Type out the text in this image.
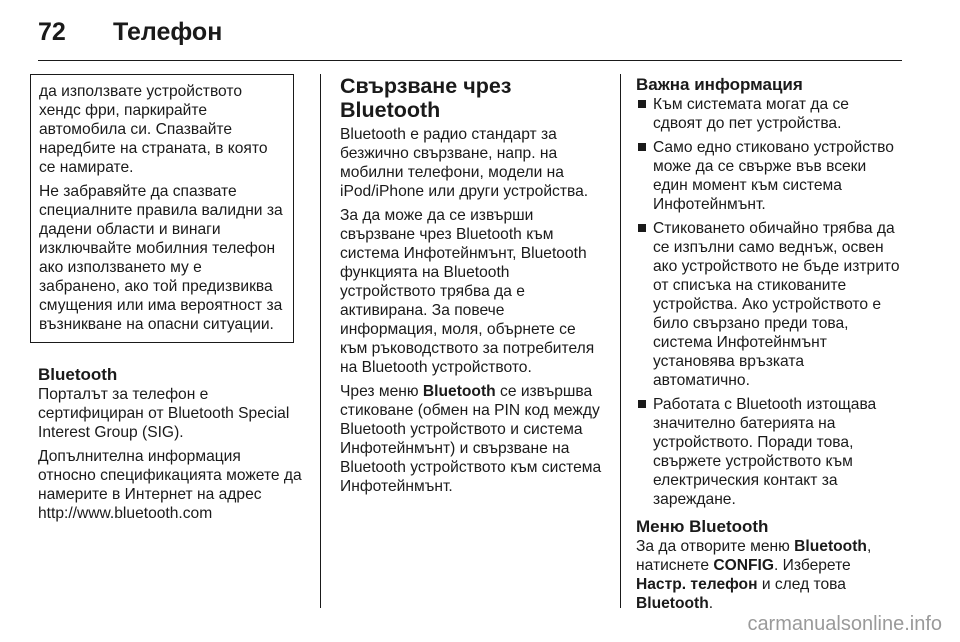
72 Телефон

да използвате устройството хендс фри, паркирайте автомобила си. Спазвайте наредбите на страната, в която се намирате.

Не забравяйте да спазвате специалните правила валидни за дадени области и винаги изключвайте мобилния телефон ако използването му е забранено, ако той предизвиква смущения или има вероятност за възникване на опасни ситуации.

Bluetooth

Порталът за телефон е сертифициран от Bluetooth Special Interest Group (SIG).

Допълнителна информация относно спецификацията можете да намерите в Интернет на адрес http://www.bluetooth.com

Свързване чрез Bluetooth

Bluetooth е радио стандарт за безжично свързване, напр. на мобилни телефони, модели на iPod/iPhone или други устройства.

За да може да се извърши свързване чрез Bluetooth към система Инфотейнмънт, Bluetooth функцията на Bluetooth устройството трябва да е активирана. За повече информация, моля, обърнете се към ръководството за потребителя на Bluetooth устройството.

Чрез меню Bluetooth се извършва стиковане (обмен на PIN код между Bluetooth устройството и система Инфотейнмънт) и свързване на Bluetooth устройството към система Инфотейнмънт.

Важна информация
Към системата могат да се сдвоят до пет устройства.
Само едно стиковано устройство може да се свърже във всеки един момент към система Инфотейнмънт.
Стиковането обичайно трябва да се изпълни само веднъж, освен ако устройството не бъде изтрито от списъка на стикованите устройства. Ако устройството е било свързано преди това, система Инфотейнмънт установява връзката автоматично.
Работата с Bluetooth изтощава значително батерията на устройството. Поради това, свържете устройството към електрическия контакт за зареждане.
Меню Bluetooth

За да отворите меню Bluetooth, натиснете CONFIG. Изберете Настр. телефон и след това Bluetooth.

carmanualsonline.info
